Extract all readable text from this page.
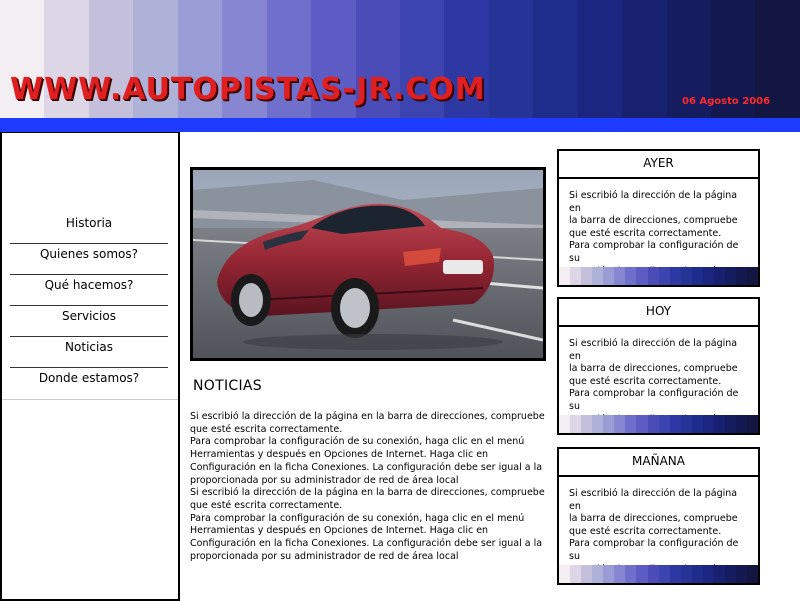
WWW.AUTOPISTAS-JR.COM	06 Agosto 2006
Historia
Quienes somos?
Qué hacemos?
Servicios
Noticias
Donde estamos?	NOTICIAS
Si escribió la dirección de la página en la barra de direcciones, compruebe que esté escrita correctamente.
Para comprobar la configuración de su conexión, haga clic en el menú
Herramientas y después en Opciones de Internet. Haga clic en Configuración en la ficha Conexiones. La configuración debe ser igual a la proporcionada por su administrador de red de área local
Si escribió la dirección de la página en la barra de direcciones, compruebe que esté escrita correctamente.
Para comprobar la configuración de su conexión, haga clic en el menú
Herramientas y después en Opciones de Internet. Haga clic en Configuración en la ficha Conexiones. La configuración debe ser igual a la proporcionada por su administrador de red de área local
AYER
Si escribió la dirección de la página en
la barra de direcciones, compruebe que esté escrita correctamente.
Para comprobar la configuración de su

HOY
Si escribió la dirección de la página en
la barra de direcciones, compruebe que esté escrita correctamente.
Para comprobar la configuración de su

MAÑANA
Si escribió la dirección de la página en
la barra de direcciones, compruebe que esté escrita correctamente.
Para comprobar la configuración de su
